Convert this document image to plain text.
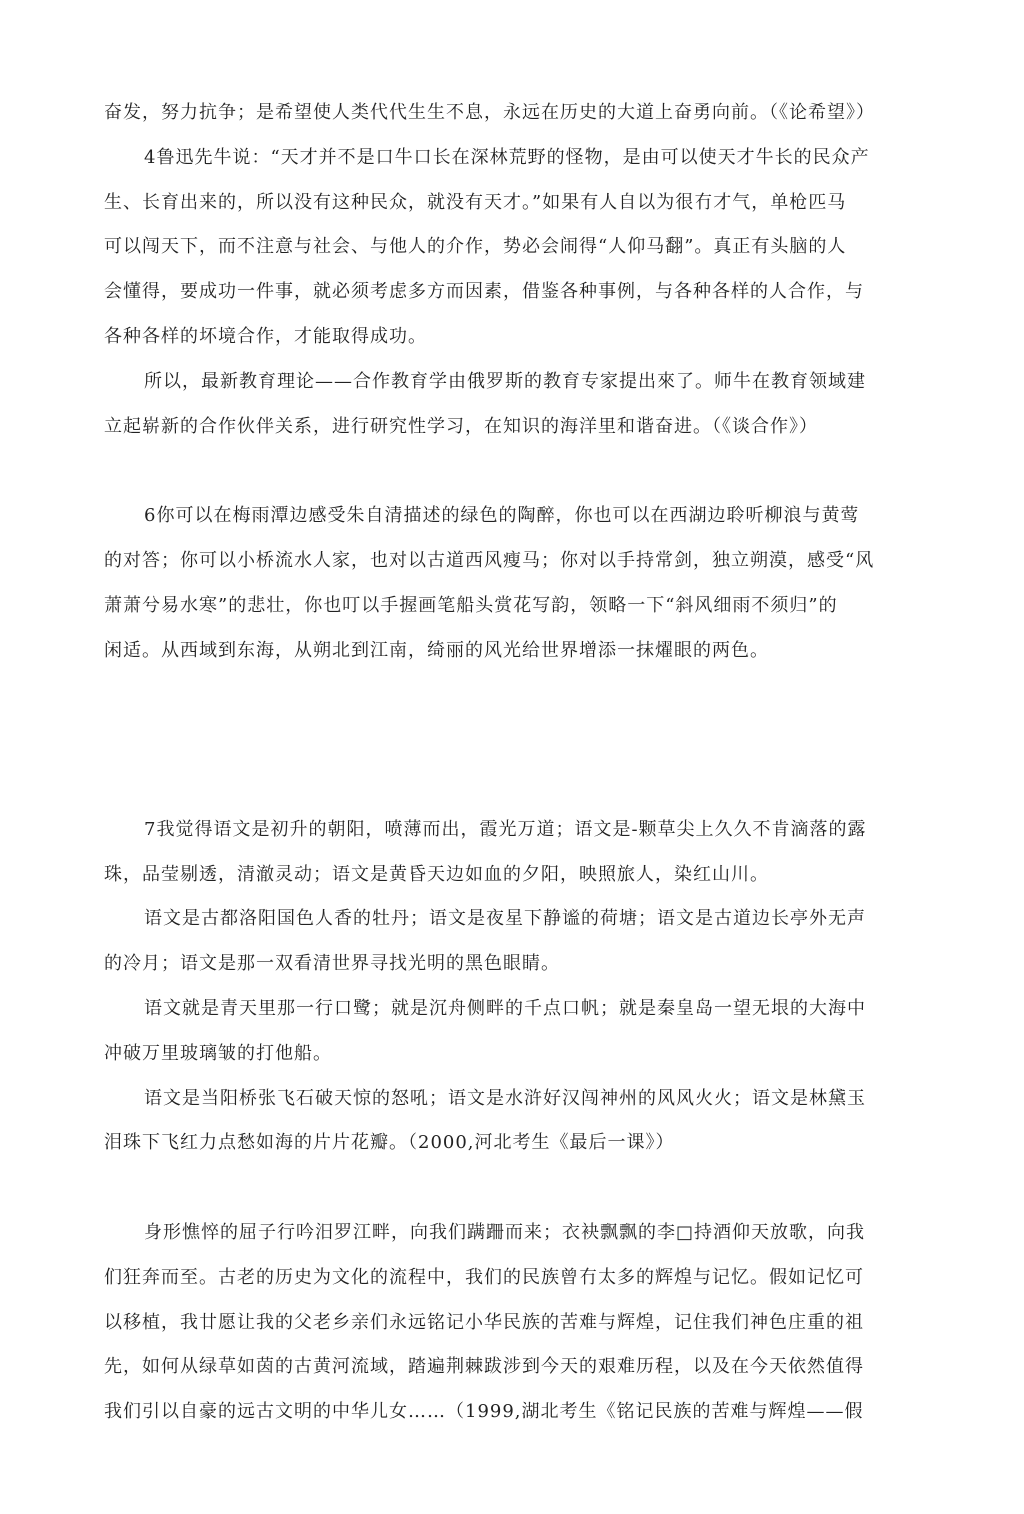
奋发，努力抗争；是希望使人类代代生生不息，永远在历史的大道上奋勇向前。（《论希望》）
4鲁迅先牛说：“天才并不是口牛口长在深林荒野的怪物，是由可以使天才牛长的民众产
生、长育出来的，所以没有这种民众，就没有天才。”如果有人自以为很冇才气，单枪匹马
可以闯天下，而不注意与社会、与他人的介作，势必会闹得“人仰马翻”。真正有头脑的人
会懂得，要成功一件事，就必须考虑多方而因素，借鉴各种事例，与各种各样的人合作，与
各种各样的坏境合作，才能取得成功。
所以，最新教育理论——合作教育学由俄罗斯的教育专家提出來了。师牛在教育领域建
立起崭新的合作伙伴关系，进行研究性学习，在知识的海洋里和谐奋进。（《谈合作》）
6你可以在梅雨潭边感受朱自清描述的绿色的陶醉，你也可以在西湖边聆听柳浪与黄莺
的对答；你可以小桥流水人家，也对以古道西风瘦马；你对以手持常剑，独立朔漠，感受“风
萧萧兮易水寒”的悲壮，你也叮以手握画笔船头赏花写韵，领略一下“斜风细雨不须归”的
闲适。从西域到东海，从朔北到江南，绮丽的风光给世界增添一抹燿眼的两色。
7我觉得语文是初升的朝阳，喷薄而出，霞光万道；语文是-颗草尖上久久不肯滴落的露
珠，品莹剔透，清澈灵动；语文是黄昏天边如血的夕阳，映照旅人，染红山川。
语文是古都洛阳国色人香的牡丹；语文是夜星下静谧的荷塘；语文是古道边长亭外无声
的冷月；语文是那一双看清世界寻找光明的黑色眼睛。
语文就是青天里那一行口鹭；就是沉舟侧畔的千点口帆；就是秦皇岛一望无垠的大海中
冲破万里玻璃皱的打他船。
语文是当阳桥张飞石破天惊的怒吼；语文是水浒好汉闯神州的风风火火；语文是林黛玉
泪珠下飞红力点愁如海的片片花瓣。（2000,河北考生《最后一课》）
身形憔悴的屈子行吟汨罗江畔，向我们蹒跚而来；衣袂飘飘的李□持酒仰天放歌，向我
们狂奔而至。古老的历史为文化的流程中，我们的民族曾冇太多的辉煌与记忆。假如记忆可
以移植，我廿愿让我的父老乡亲们永远铭记小华民族的苦难与辉煌，记住我们神色庄重的祖
先，如何从绿草如茵的古黄河流域，踏遍荆棘跋涉到今天的艰难历程，以及在今天依然值得
我们引以自豪的远古文明的中华儿女……（1999,湖北考生《铭记民族的苦难与辉煌——假
